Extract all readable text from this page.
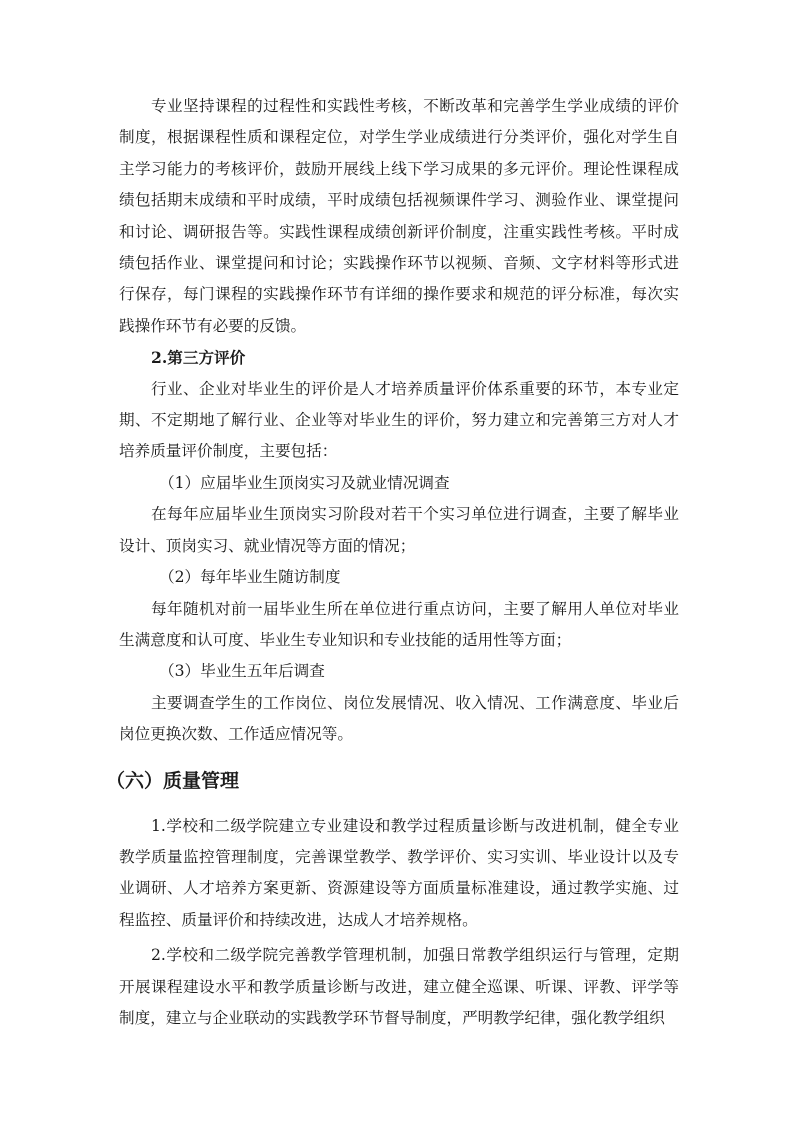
专业坚持课程的过程性和实践性考核，不断改革和完善学生学业成绩的评价制度，根据课程性质和课程定位，对学生学业成绩进行分类评价，强化对学生自主学习能力的考核评价，鼓励开展线上线下学习成果的多元评价。理论性课程成绩包括期末成绩和平时成绩，平时成绩包括视频课件学习、测验作业、课堂提问和讨论、调研报告等。实践性课程成绩创新评价制度，注重实践性考核。平时成绩包括作业、课堂提问和讨论；实践操作环节以视频、音频、文字材料等形式进行保存，每门课程的实践操作环节有详细的操作要求和规范的评分标准，每次实践操作环节有必要的反馈。

2.第三方评价

行业、企业对毕业生的评价是人才培养质量评价体系重要的环节，本专业定期、不定期地了解行业、企业等对毕业生的评价，努力建立和完善第三方对人才培养质量评价制度，主要包括：

（1）应届毕业生顶岗实习及就业情况调查

在每年应届毕业生顶岗实习阶段对若干个实习单位进行调查，主要了解毕业设计、顶岗实习、就业情况等方面的情况；

（2）每年毕业生随访制度

每年随机对前一届毕业生所在单位进行重点访问，主要了解用人单位对毕业生满意度和认可度、毕业生专业知识和专业技能的适用性等方面；

（3）毕业生五年后调查

主要调查学生的工作岗位、岗位发展情况、收入情况、工作满意度、毕业后岗位更换次数、工作适应情况等。

（六）质量管理

1.学校和二级学院建立专业建设和教学过程质量诊断与改进机制，健全专业教学质量监控管理制度，完善课堂教学、教学评价、实习实训、毕业设计以及专业调研、人才培养方案更新、资源建设等方面质量标准建设，通过教学实施、过程监控、质量评价和持续改进，达成人才培养规格。

2.学校和二级学院完善教学管理机制，加强日常教学组织运行与管理，定期开展课程建设水平和教学质量诊断与改进，建立健全巡课、听课、评教、评学等制度，建立与企业联动的实践教学环节督导制度，严明教学纪律，强化教学组织
